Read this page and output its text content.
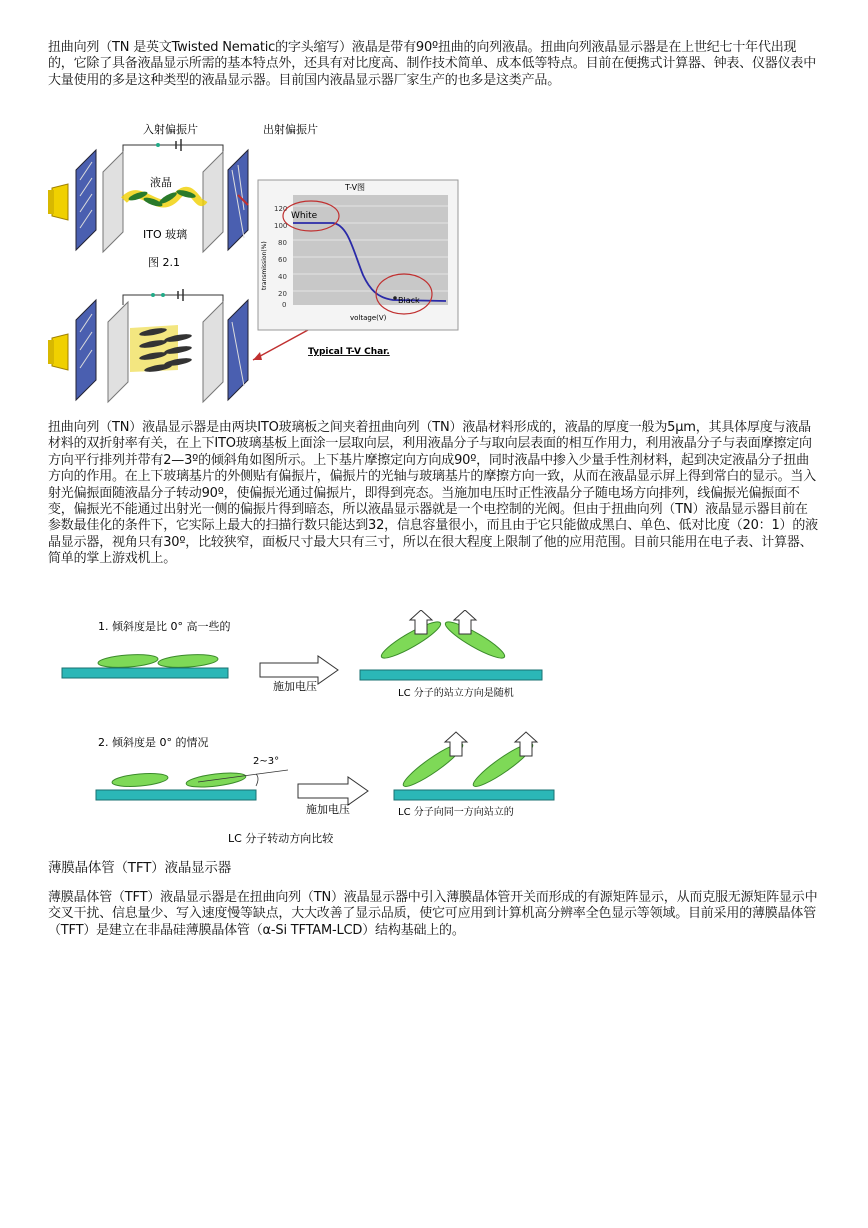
扭曲向列（TN 是英文Twisted Nematic的字头缩写）液晶是带有90º扭曲的向列液晶。扭曲向列液晶显示器是在上世纪七十年代出现的，它除了具备液晶显示所需的基本特点外，还具有对比度高、制作技术简单、成本低等特点。目前在便携式计算器、钟表、仪器仪表中大量使用的多是这种类型的液晶显示器。目前国内液晶显示器厂家生产的也多是这类产品。

入射偏振片	出射偏振片
液晶
ITO 玻璃
图 2.1
T-V图
120
100
80
60
40
20
0
transmission(%)
voltage(V)
White
Black
Typical T-V Char.

扭曲向列（TN）液晶显示器是由两块ITO玻璃板之间夹着扭曲向列（TN）液晶材料形成的，液晶的厚度一般为5μm，其具体厚度与液晶材料的双折射率有关，在上下ITO玻璃基板上面涂一层取向层，利用液晶分子与取向层表面的相互作用力，利用液晶分子与表面摩擦定向方向平行排列并带有2—3º的倾斜角如图所示。上下基片摩擦定向方向成90º，同时液晶中掺入少量手性剂材料，起到决定液晶分子扭曲方向的作用。在上下玻璃基片的外侧贴有偏振片，偏振片的光轴与玻璃基片的摩擦方向一致，从而在液晶显示屏上得到常白的显示。当入射光偏振面随液晶分子转动90º，使偏振光通过偏振片，即得到亮态。当施加电压时正性液晶分子随电场方向排列，线偏振光偏振面不变，偏振光不能通过出射光一侧的偏振片得到暗态，所以液晶显示器就是一个电控制的光阀。但由于扭曲向列（TN）液晶显示器目前在参数最佳化的条件下，它实际上最大的扫描行数只能达到32，信息容量很小，而且由于它只能做成黑白、单色、低对比度（20：1）的液晶显示器，视角只有30º，比较狭窄，面板尺寸最大只有三寸，所以在很大程度上限制了他的应用范围。目前只能用在电子表、计算器、简单的掌上游戏机上。

1. 倾斜度是比 0° 高一些的
施加电压
LC 分子的站立方向是随机
2. 倾斜度是 0° 的情况
2~3°
施加电压	LC 分子向同一方向站立的
LC 分子转动方向比较

薄膜晶体管（TFT）液晶显示器

薄膜晶体管（TFT）液晶显示器是在扭曲向列（TN）液晶显示器中引入薄膜晶体管开关而形成的有源矩阵显示，从而克服无源矩阵显示中交叉干扰、信息量少、写入速度慢等缺点，大大改善了显示品质，使它可应用到计算机高分辨率全色显示等领域。目前采用的薄膜晶体管（TFT）是建立在非晶硅薄膜晶体管（α-Si TFTAM-LCD）结构基础上的。
